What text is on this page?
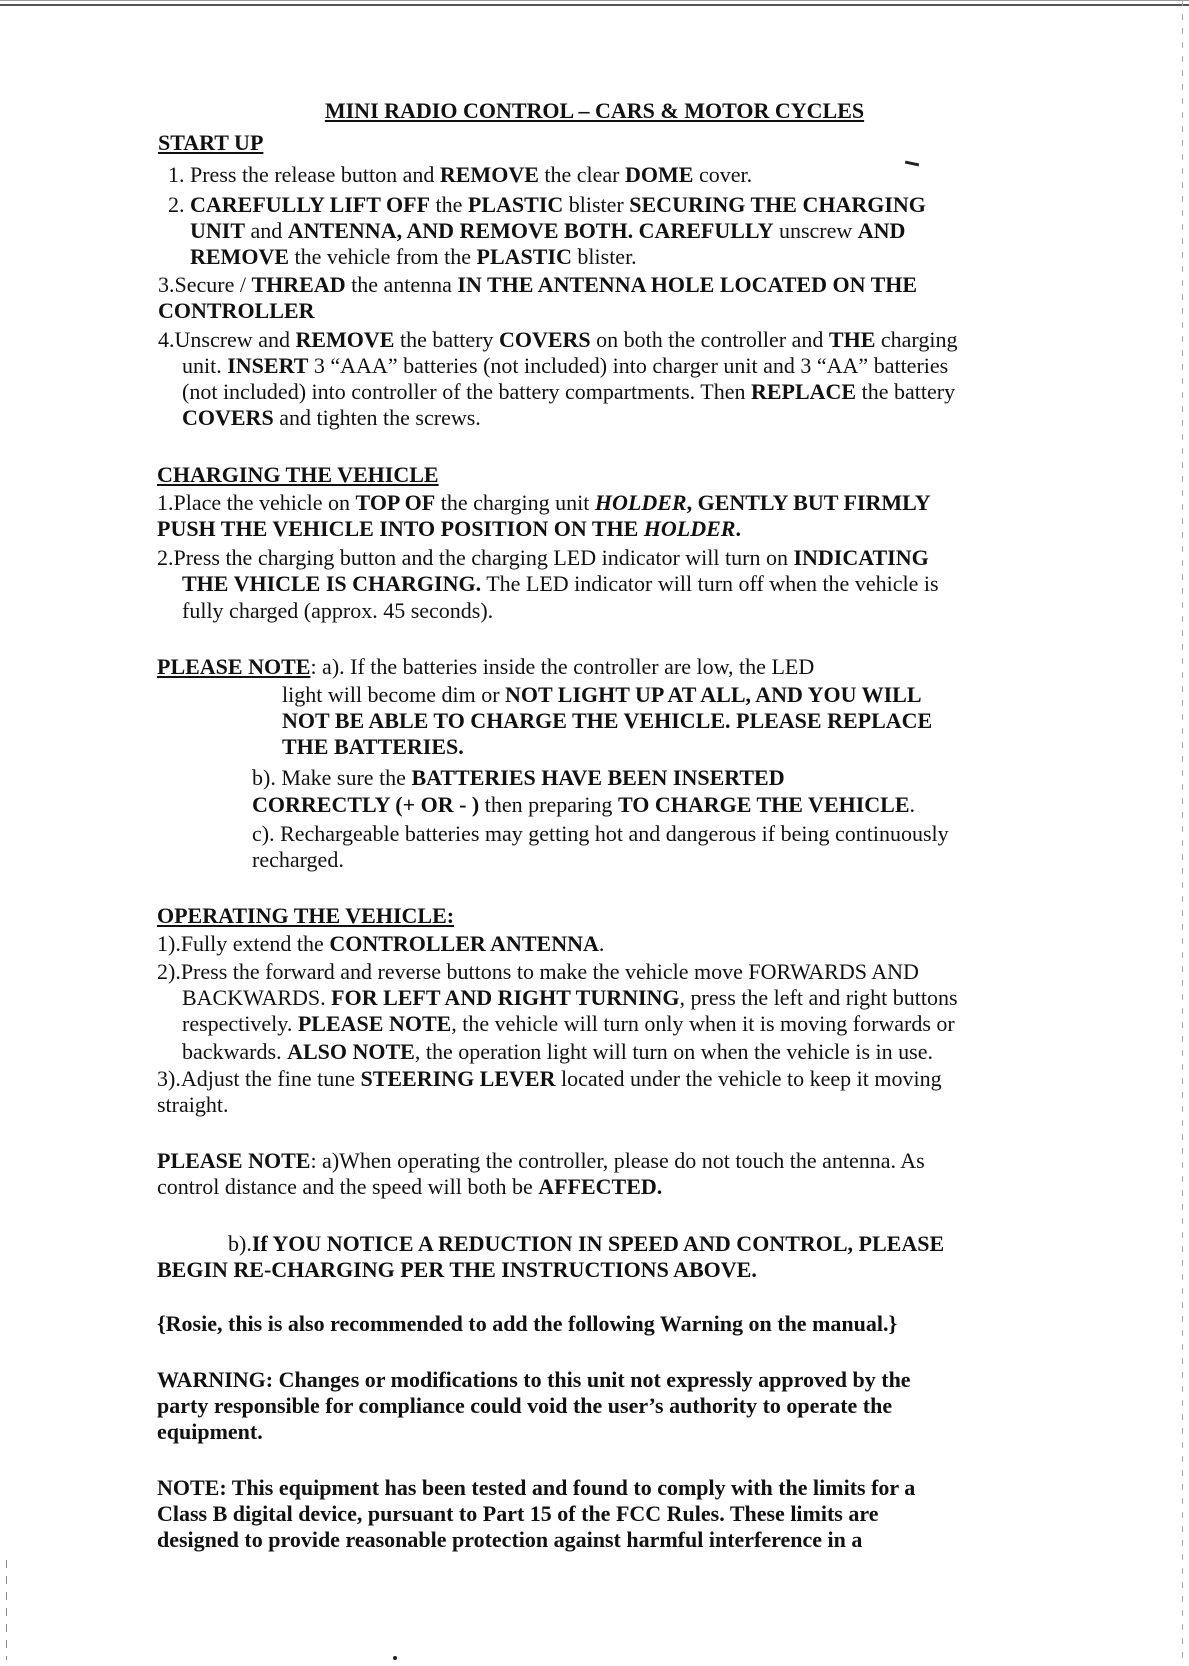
MINI RADIO CONTROL – CARS & MOTOR CYCLES
START UP
1. Press the release button and REMOVE the clear DOME cover.
2. CAREFULLY LIFT OFF the PLASTIC blister SECURING THE CHARGING
UNIT and ANTENNA, AND REMOVE BOTH. CAREFULLY unscrew AND
REMOVE the vehicle from the PLASTIC blister.
3.Secure / THREAD the antenna IN THE ANTENNA HOLE LOCATED ON THE
CONTROLLER
4.Unscrew and REMOVE the battery COVERS on both the controller and THE charging
unit. INSERT 3 “AAA” batteries (not included) into charger unit and 3 “AA” batteries
(not included) into controller of the battery compartments. Then REPLACE the battery
COVERS and tighten the screws.
CHARGING THE VEHICLE
1.Place the vehicle on TOP OF the charging unit HOLDER, GENTLY BUT FIRMLY
PUSH THE VEHICLE INTO POSITION ON THE HOLDER.
2.Press the charging button and the charging LED indicator will turn on INDICATING
THE VHICLE IS CHARGING. The LED indicator will turn off when the vehicle is
fully charged (approx. 45 seconds).
PLEASE NOTE: a). If the batteries inside the controller are low, the LED
light will become dim or NOT LIGHT UP AT ALL, AND YOU WILL
NOT BE ABLE TO CHARGE THE VEHICLE. PLEASE REPLACE
THE BATTERIES.
b). Make sure the BATTERIES HAVE BEEN INSERTED
CORRECTLY (+ OR - ) then preparing TO CHARGE THE VEHICLE.
c). Rechargeable batteries may getting hot and dangerous if being continuously
recharged.
OPERATING THE VEHICLE:
1).Fully extend the CONTROLLER ANTENNA.
2).Press the forward and reverse buttons to make the vehicle move FORWARDS AND
BACKWARDS. FOR LEFT AND RIGHT TURNING, press the left and right buttons
respectively. PLEASE NOTE, the vehicle will turn only when it is moving forwards or
backwards. ALSO NOTE, the operation light will turn on when the vehicle is in use.
3).Adjust the fine tune STEERING LEVER located under the vehicle to keep it moving
straight.
PLEASE NOTE: a)When operating the controller, please do not touch the antenna. As
control distance and the speed will both be AFFECTED.
b).If YOU NOTICE A REDUCTION IN SPEED AND CONTROL, PLEASE
BEGIN RE-CHARGING PER THE INSTRUCTIONS ABOVE.
{Rosie, this is also recommended to add the following Warning on the manual.}
WARNING: Changes or modifications to this unit not expressly approved by the
party responsible for compliance could void the user’s authority to operate the
equipment.
NOTE: This equipment has been tested and found to comply with the limits for a
Class B digital device, pursuant to Part 15 of the FCC Rules. These limits are
designed to provide reasonable protection against harmful interference in a
